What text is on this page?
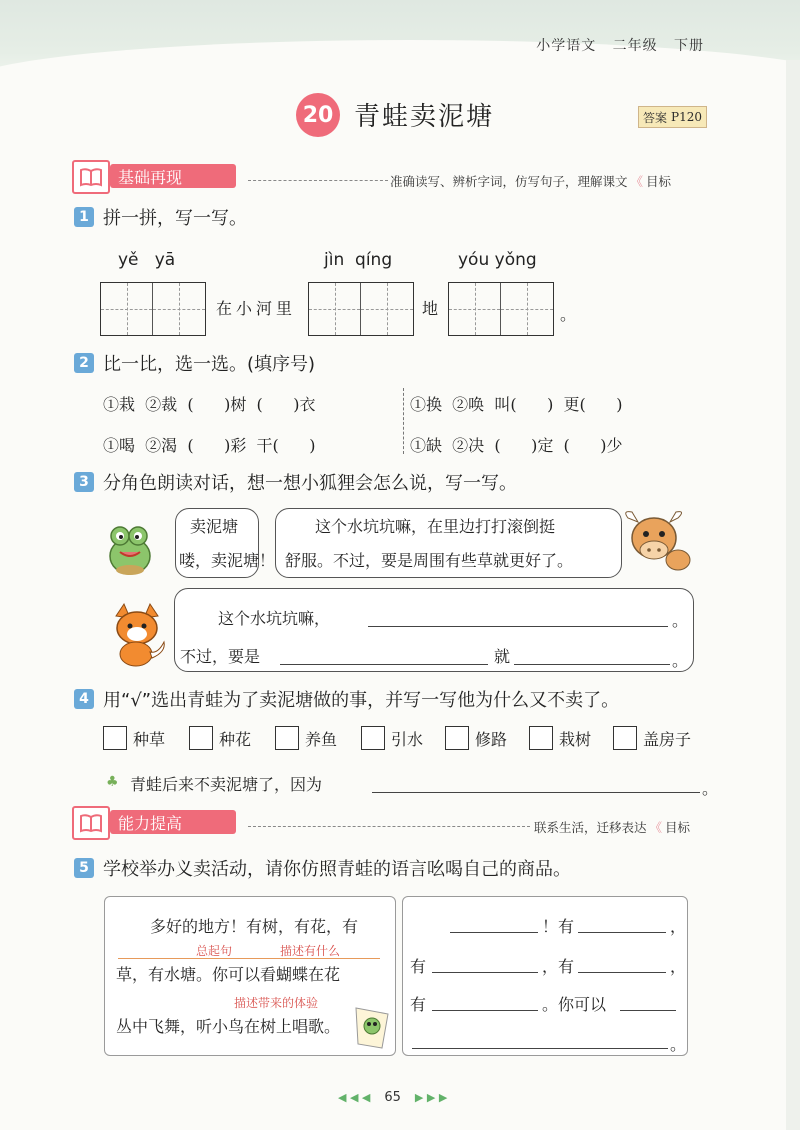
小学语文 二年级 下册
20 青蛙卖泥塘	答案 P120
基础再现	准确读写、辨析字词，仿写句子，理解课文 《 目标
1 拼一拼，写一写。
yě   yā	jìn  qíng	yóu yǒng
在小河里	地	。
2 比一比，选一选。(填序号)
①栽  ②裁  (      )树  (      )衣	①换  ②唤  叫(      )  更(      )
①喝  ②渴  (      )彩  干(      )	①缺  ②决  (      )定  (      )少
3 分角色朗读对话，想一想小狐狸会怎么说，写一写。
卖泥塘
喽，卖泥塘！
这个水坑坑嘛，在里边打打滚倒挺
舒服。不过，要是周围有些草就更好了。
这个水坑坑嘛，	。
不过，要是	就	。
4 用“√”选出青蛙为了卖泥塘做的事，并写一写他为什么又不卖了。
种草	种花	养鱼	引水	修路	栽树	盖房子
♣ 青蛙后来不卖泥塘了，因为	。
能力提高	联系生活，迁移表达 《 目标
5 学校举办义卖活动，请你仿照青蛙的语言吆喝自己的商品。
多好的地方！有树，有花，有
总起句	描述有什么
草，有水塘。你可以看蝴蝶在花
描述带来的体验
丛中飞舞，听小鸟在树上唱歌。
！有	，
有	，有	，
有	。你可以
。
◀ ◀ ◀ 65 ▶ ▶ ▶
